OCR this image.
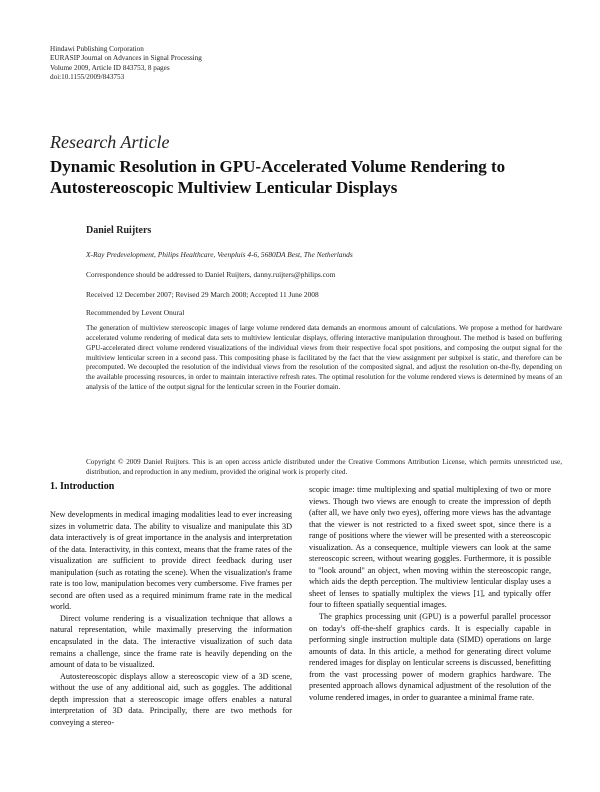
Hindawi Publishing Corporation
EURASIP Journal on Advances in Signal Processing
Volume 2009, Article ID 843753, 8 pages
doi:10.1155/2009/843753
Research Article
Dynamic Resolution in GPU-Accelerated Volume Rendering to
Autostereoscopic Multiview Lenticular Displays
Daniel Ruijters
X-Ray Predevelopment, Philips Healthcare, Veenpluis 4-6, 5680DA Best, The Netherlands
Correspondence should be addressed to Daniel Ruijters, danny.ruijters@philips.com
Received 12 December 2007; Revised 29 March 2008; Accepted 11 June 2008
Recommended by Levent Onural
The generation of multiview stereoscopic images of large volume rendered data demands an enormous amount of calculations. We propose a method for hardware accelerated volume rendering of medical data sets to multiview lenticular displays, offering interactive manipulation throughout. The method is based on buffering GPU-accelerated direct volume rendered visualizations of the individual views from their respective focal spot positions, and composing the output signal for the multiview lenticular screen in a second pass. This compositing phase is facilitated by the fact that the view assignment per subpixel is static, and therefore can be precomputed. We decoupled the resolution of the individual views from the resolution of the composited signal, and adjust the resolution on-the-fly, depending on the available processing resources, in order to maintain interactive refresh rates. The optimal resolution for the volume rendered views is determined by means of an analysis of the lattice of the output signal for the lenticular screen in the Fourier domain.
Copyright © 2009 Daniel Ruijters. This is an open access article distributed under the Creative Commons Attribution License, which permits unrestricted use, distribution, and reproduction in any medium, provided the original work is properly cited.
1. Introduction

New developments in medical imaging modalities lead to ever increasing sizes in volumetric data. The ability to visualize and manipulate this 3D data interactively is of great importance in the analysis and interpretation of the data. Interactivity, in this context, means that the frame rates of the visualization are sufficient to provide direct feedback during user manipulation (such as rotating the scene). When the visualization's frame rate is too low, manipulation becomes very cumbersome. Five frames per second are often used as a required minimum frame rate in the medical world.

Direct volume rendering is a visualization technique that allows a natural representation, while maximally preserving the information encapsulated in the data. The interactive visualization of such data remains a challenge, since the frame rate is heavily depending on the amount of data to be visualized.

Autostereoscopic displays allow a stereoscopic view of a 3D scene, without the use of any additional aid, such as goggles. The additional depth impression that a stereoscopic image offers enables a natural interpretation of 3D data. Principally, there are two methods for conveying a stereo-

scopic image: time multiplexing and spatial multiplexing of two or more views. Though two views are enough to create the impression of depth (after all, we have only two eyes), offering more views has the advantage that the viewer is not restricted to a fixed sweet spot, since there is a range of positions where the viewer will be presented with a stereoscopic visualization. As a consequence, multiple viewers can look at the same stereoscopic screen, without wearing goggles. Furthermore, it is possible to "look around" an object, when moving within the stereoscopic range, which aids the depth perception. The multiview lenticular display uses a sheet of lenses to spatially multiplex the views [1], and typically offer four to fifteen spatially sequential images.

The graphics processing unit (GPU) is a powerful parallel processor on today's off-the-shelf graphics cards. It is especially capable in performing single instruction multiple data (SIMD) operations on large amounts of data. In this article, a method for generating direct volume rendered images for display on lenticular screens is discussed, benefitting from the vast processing power of modern graphics hardware. The presented approach allows dynamical adjustment of the resolution of the volume rendered images, in order to guarantee a minimal frame rate.
